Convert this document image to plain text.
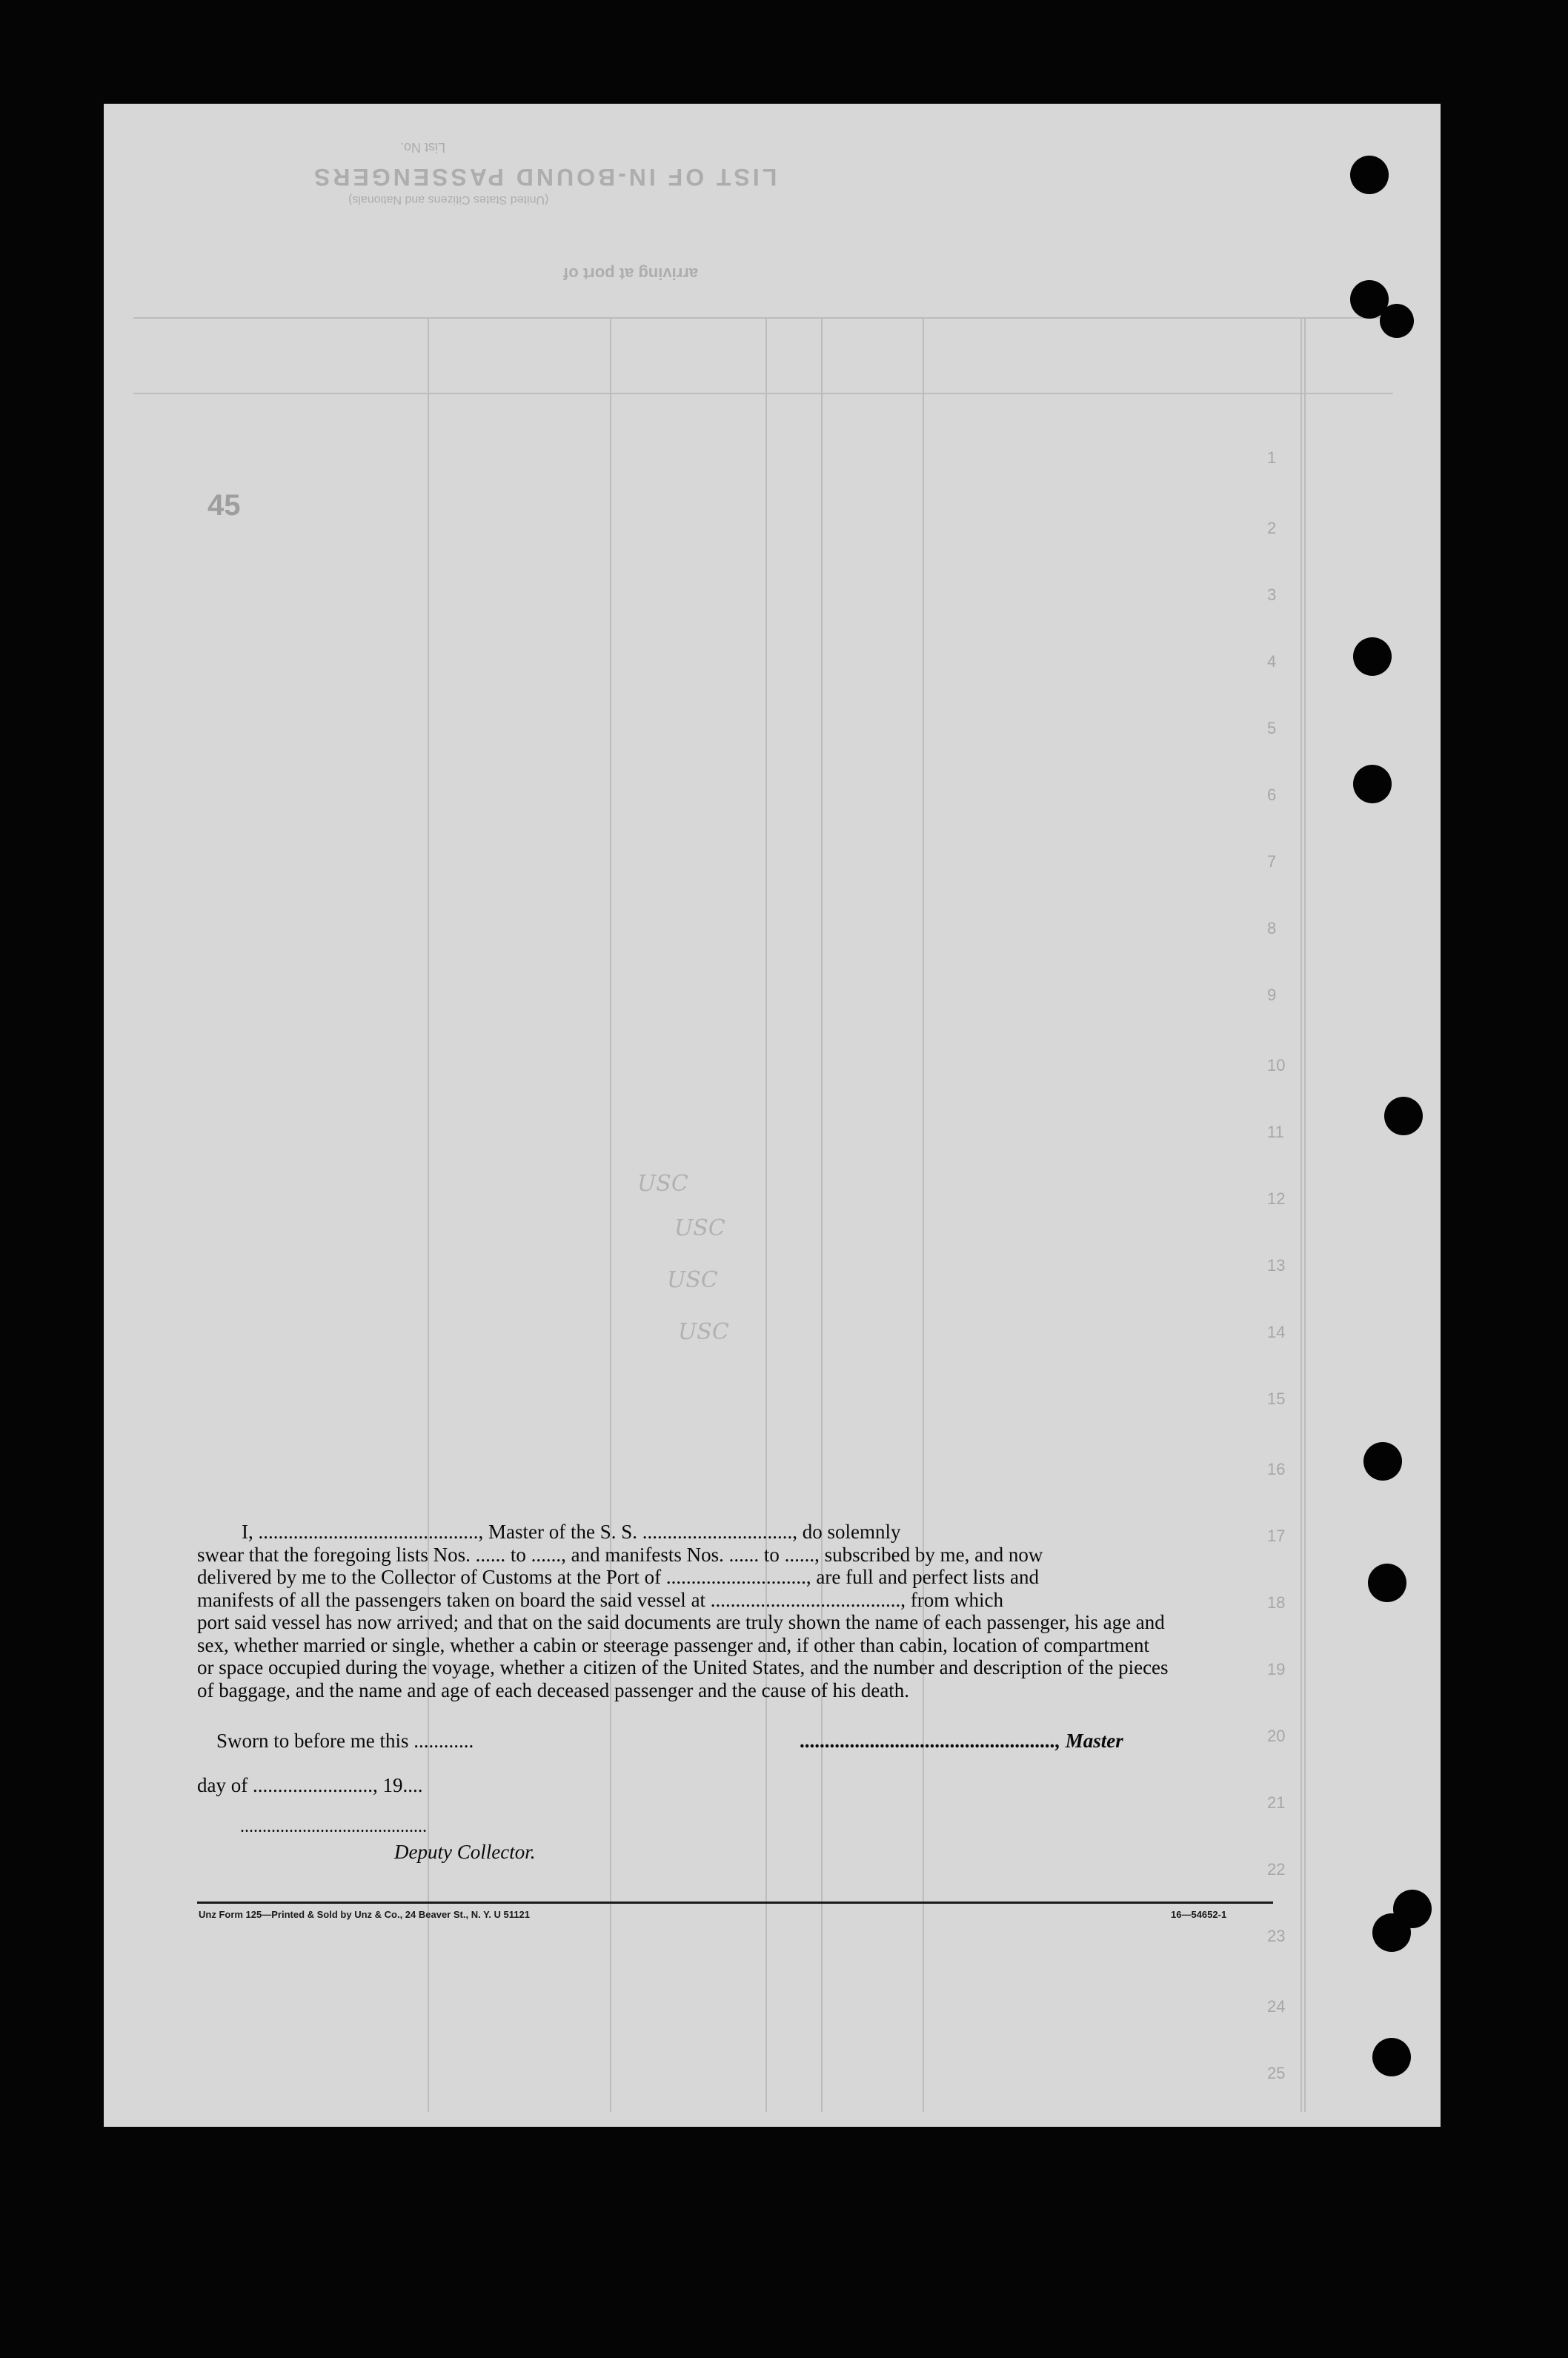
LIST OF IN-BOUND PASSENGERS
(United States Citizens and Nationals)
List No.
arriving at port of
45
USC
USC
USC
USC
1
2
3
4
5
6
7
8
9
10
11
12
13
14
15
16
17
18
19
20
21
22
23
24
25

I, ............................................, Master of the S. S. .............................., do solemnly

swear that the foregoing lists Nos. ...... to ......, and manifests Nos. ...... to ......, subscribed by me, and now

delivered by me to the Collector of Customs at the Port of ............................, are full and perfect lists and

manifests of all the passengers taken on board the said vessel at ......................................, from which

port said vessel has now arrived; and that on the said documents are truly shown the name of each passenger, his age and

sex, whether married or single, whether a cabin or steerage passenger and, if other than cabin, location of compartment

or space occupied during the voyage, whether a citizen of the United States, and the number and description of the pieces

of baggage, and the name and age of each deceased passenger and the cause of his death.

Sworn to before me this ............	..................................................., Master
day of ........................, 19....
..........................................
Deputy Collector.
Unz Form 125—Printed & Sold by Unz & Co., 24 Beaver St., N. Y. U 51121	16—54652-1
